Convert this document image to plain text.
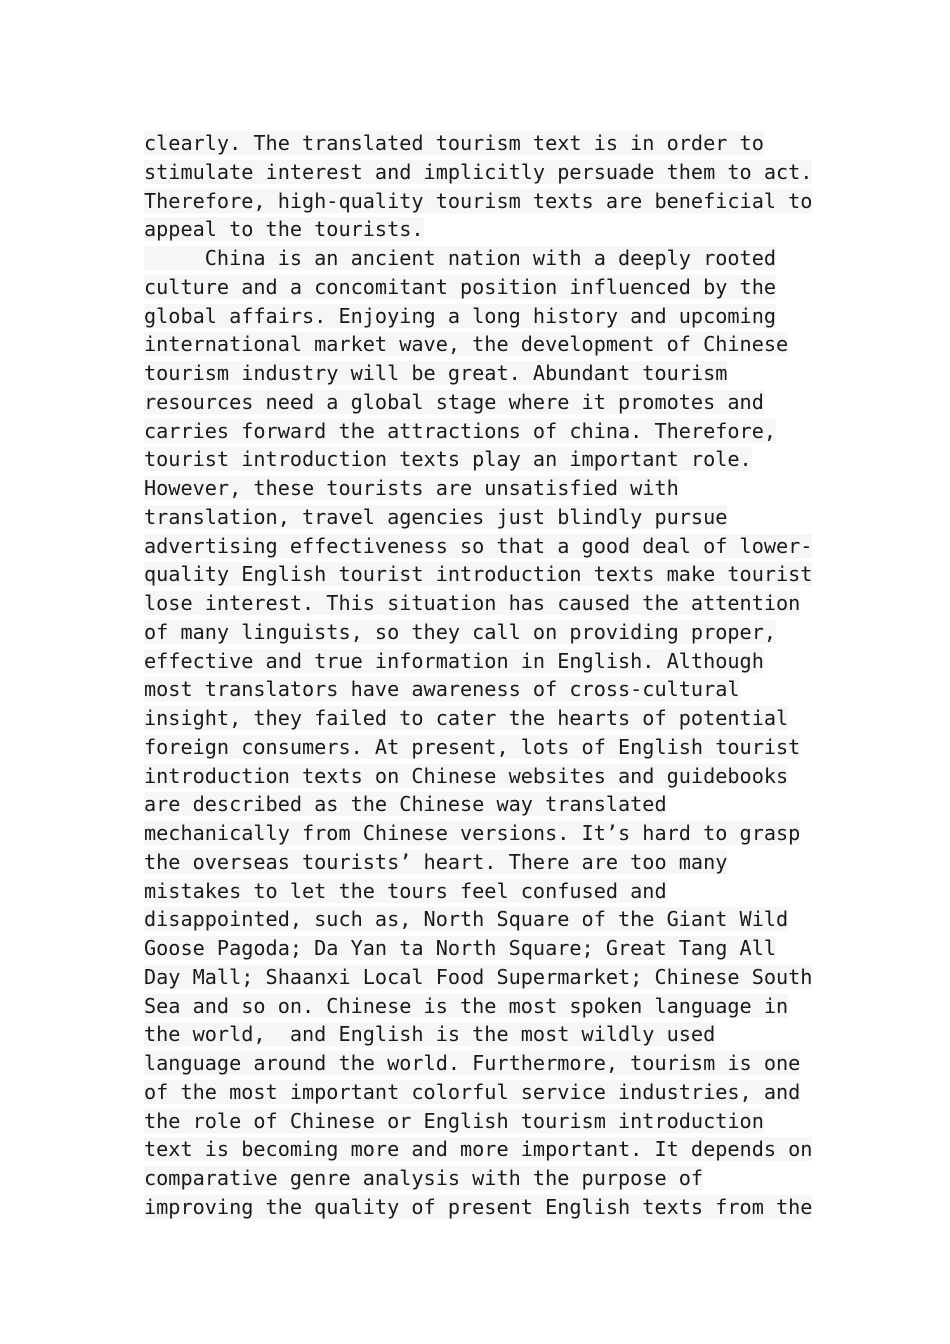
clearly. The translated tourism text is in order to
stimulate interest and implicitly persuade them to act.
Therefore, high-quality tourism texts are beneficial to
appeal to the tourists.
China is an ancient nation with a deeply rooted
culture and a concomitant position influenced by the
global affairs. Enjoying a long history and upcoming
international market wave, the development of Chinese
tourism industry will be great. Abundant tourism
resources need a global stage where it promotes and
carries forward the attractions of china. Therefore,
tourist introduction texts play an important role.
However, these tourists are unsatisfied with
translation, travel agencies just blindly pursue
advertising effectiveness so that a good deal of lower-
quality English tourist introduction texts make tourist
lose interest. This situation has caused the attention
of many linguists, so they call on providing proper,
effective and true information in English. Although
most translators have awareness of cross-cultural
insight, they failed to cater the hearts of potential
foreign consumers. At present, lots of English tourist
introduction texts on Chinese websites and guidebooks
are described as the Chinese way translated
mechanically from Chinese versions. It’s hard to grasp
the overseas tourists’ heart. There are too many
mistakes to let the tours feel confused and
disappointed, such as, North Square of the Giant Wild
Goose Pagoda; Da Yan ta North Square; Great Tang All
Day Mall; Shaanxi Local Food Supermarket; Chinese South
Sea and so on. Chinese is the most spoken language in
the world,  and English is the most wildly used
language around the world. Furthermore, tourism is one
of the most important colorful service industries, and
the role of Chinese or English tourism introduction
text is becoming more and more important. It depends on
comparative genre analysis with the purpose of
improving the quality of present English texts from the
